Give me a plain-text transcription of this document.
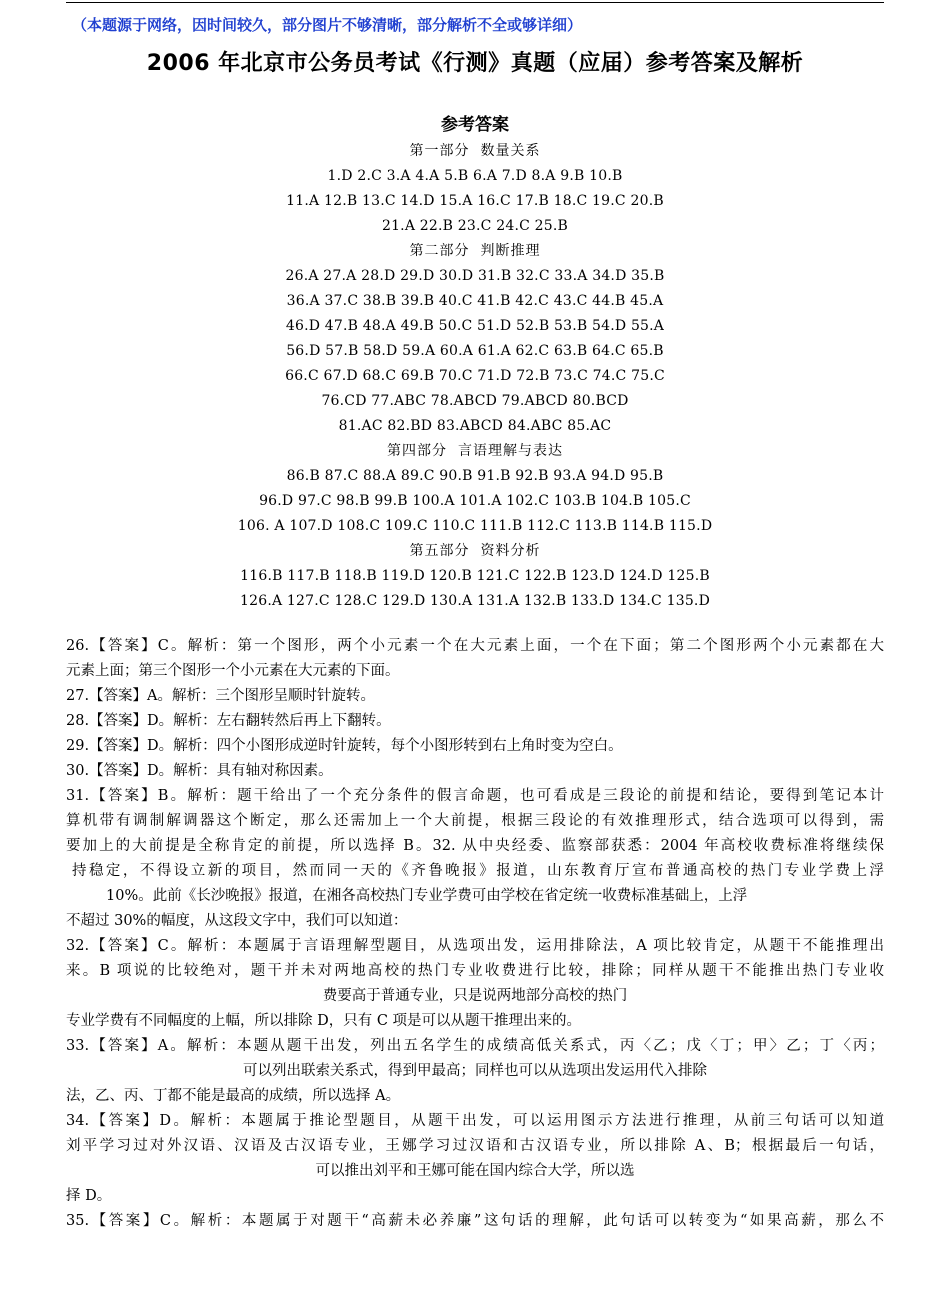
（本题源于网络，因时间较久，部分图片不够清晰，部分解析不全或够详细）
2006 年北京市公务员考试《行测》真题（应届）参考答案及解析
参考答案
第一部分  数量关系
1.D 2.C 3.A 4.A 5.B 6.A 7.D 8.A 9.B 10.B
11.A 12.B 13.C 14.D 15.A 16.C 17.B 18.C 19.C 20.B
21.A 22.B 23.C 24.C 25.B
第二部分  判断推理
26.A 27.A 28.D 29.D 30.D 31.B 32.C 33.A 34.D 35.B
36.A 37.C 38.B 39.B 40.C 41.B 42.C 43.C 44.B 45.A
46.D 47.B 48.A 49.B 50.C 51.D 52.B 53.B 54.D 55.A
56.D 57.B 58.D 59.A 60.A 61.A 62.C 63.B 64.C 65.B
66.C 67.D 68.C 69.B 70.C 71.D 72.B 73.C 74.C 75.C
76.CD 77.ABC 78.ABCD 79.ABCD 80.BCD
81.AC 82.BD 83.ABCD 84.ABC 85.AC
第四部分  言语理解与表达
86.B 87.C 88.A 89.C 90.B 91.B 92.B 93.A 94.D 95.B
96.D 97.C 98.B 99.B 100.A 101.A 102.C 103.B 104.B 105.C
106. A 107.D 108.C 109.C 110.C 111.B 112.C 113.B 114.B 115.D
第五部分  资料分析
116.B 117.B 118.B 119.D 120.B 121.C 122.B 123.D 124.D 125.B
126.A 127.C 128.C 129.D 130.A 131.A 132.B 133.D 134.C 135.D
26.【答案】C。解析：第一个图形，两个小元素一个在大元素上面，一个在下面；第二个图形两个小元素都在大
元素上面；第三个图形一个小元素在大元素的下面。
27.【答案】A。解析：三个图形呈顺时针旋转。
28.【答案】D。解析：左右翻转然后再上下翻转。
29.【答案】D。解析：四个小图形成逆时针旋转，每个小图形转到右上角时变为空白。
30.【答案】D。解析：具有轴对称因素。
31.【答案】B。解析：题干给出了一个充分条件的假言命题，也可看成是三段论的前提和结论，要得到笔记本计
算机带有调制解调器这个断定，那么还需加上一个大前提，根据三段论的有效推理形式，结合选项可以得到，需
要加上的大前提是全称肯定的前提，所以选择 B。32. 从中央经委、监察部获悉：2004 年高校收费标准将继续保
持稳定，不得设立新的项目，然而同一天的《齐鲁晚报》报道，山东教育厅宣布普通高校的热门专业学费上浮
10%。此前《长沙晚报》报道，在湘各高校热门专业学费可由学校在省定统一收费标准基础上，上浮
不超过 30%的幅度，从这段文字中，我们可以知道：
32.【答案】C。解析：本题属于言语理解型题目，从选项出发，运用排除法，A 项比较肯定，从题干不能推理出
来。B 项说的比较绝对，题干并未对两地高校的热门专业收费进行比较，排除；同样从题干不能推出热门专业收
费要高于普通专业，只是说两地部分高校的热门
专业学费有不同幅度的上幅，所以排除 D，只有 C 项是可以从题干推理出来的。
33.【答案】A。解析：本题从题干出发，列出五名学生的成绩高低关系式，丙〈乙；戊〈丁；甲〉乙；丁〈丙；
可以列出联索关系式，得到甲最高；同样也可以从选项出发运用代入排除
法，乙、丙、丁都不能是最高的成绩，所以选择 A。
34.【答案】D。解析：本题属于推论型题目，从题干出发，可以运用图示方法进行推理，从前三句话可以知道
刘平学习过对外汉语、汉语及古汉语专业，王娜学习过汉语和古汉语专业，所以排除 A、B；根据最后一句话，
可以推出刘平和王娜可能在国内综合大学，所以选
择 D。
35.【答案】C。解析：本题属于对题干“高薪未必养廉”这句话的理解，此句话可以转变为“如果高薪，那么不
